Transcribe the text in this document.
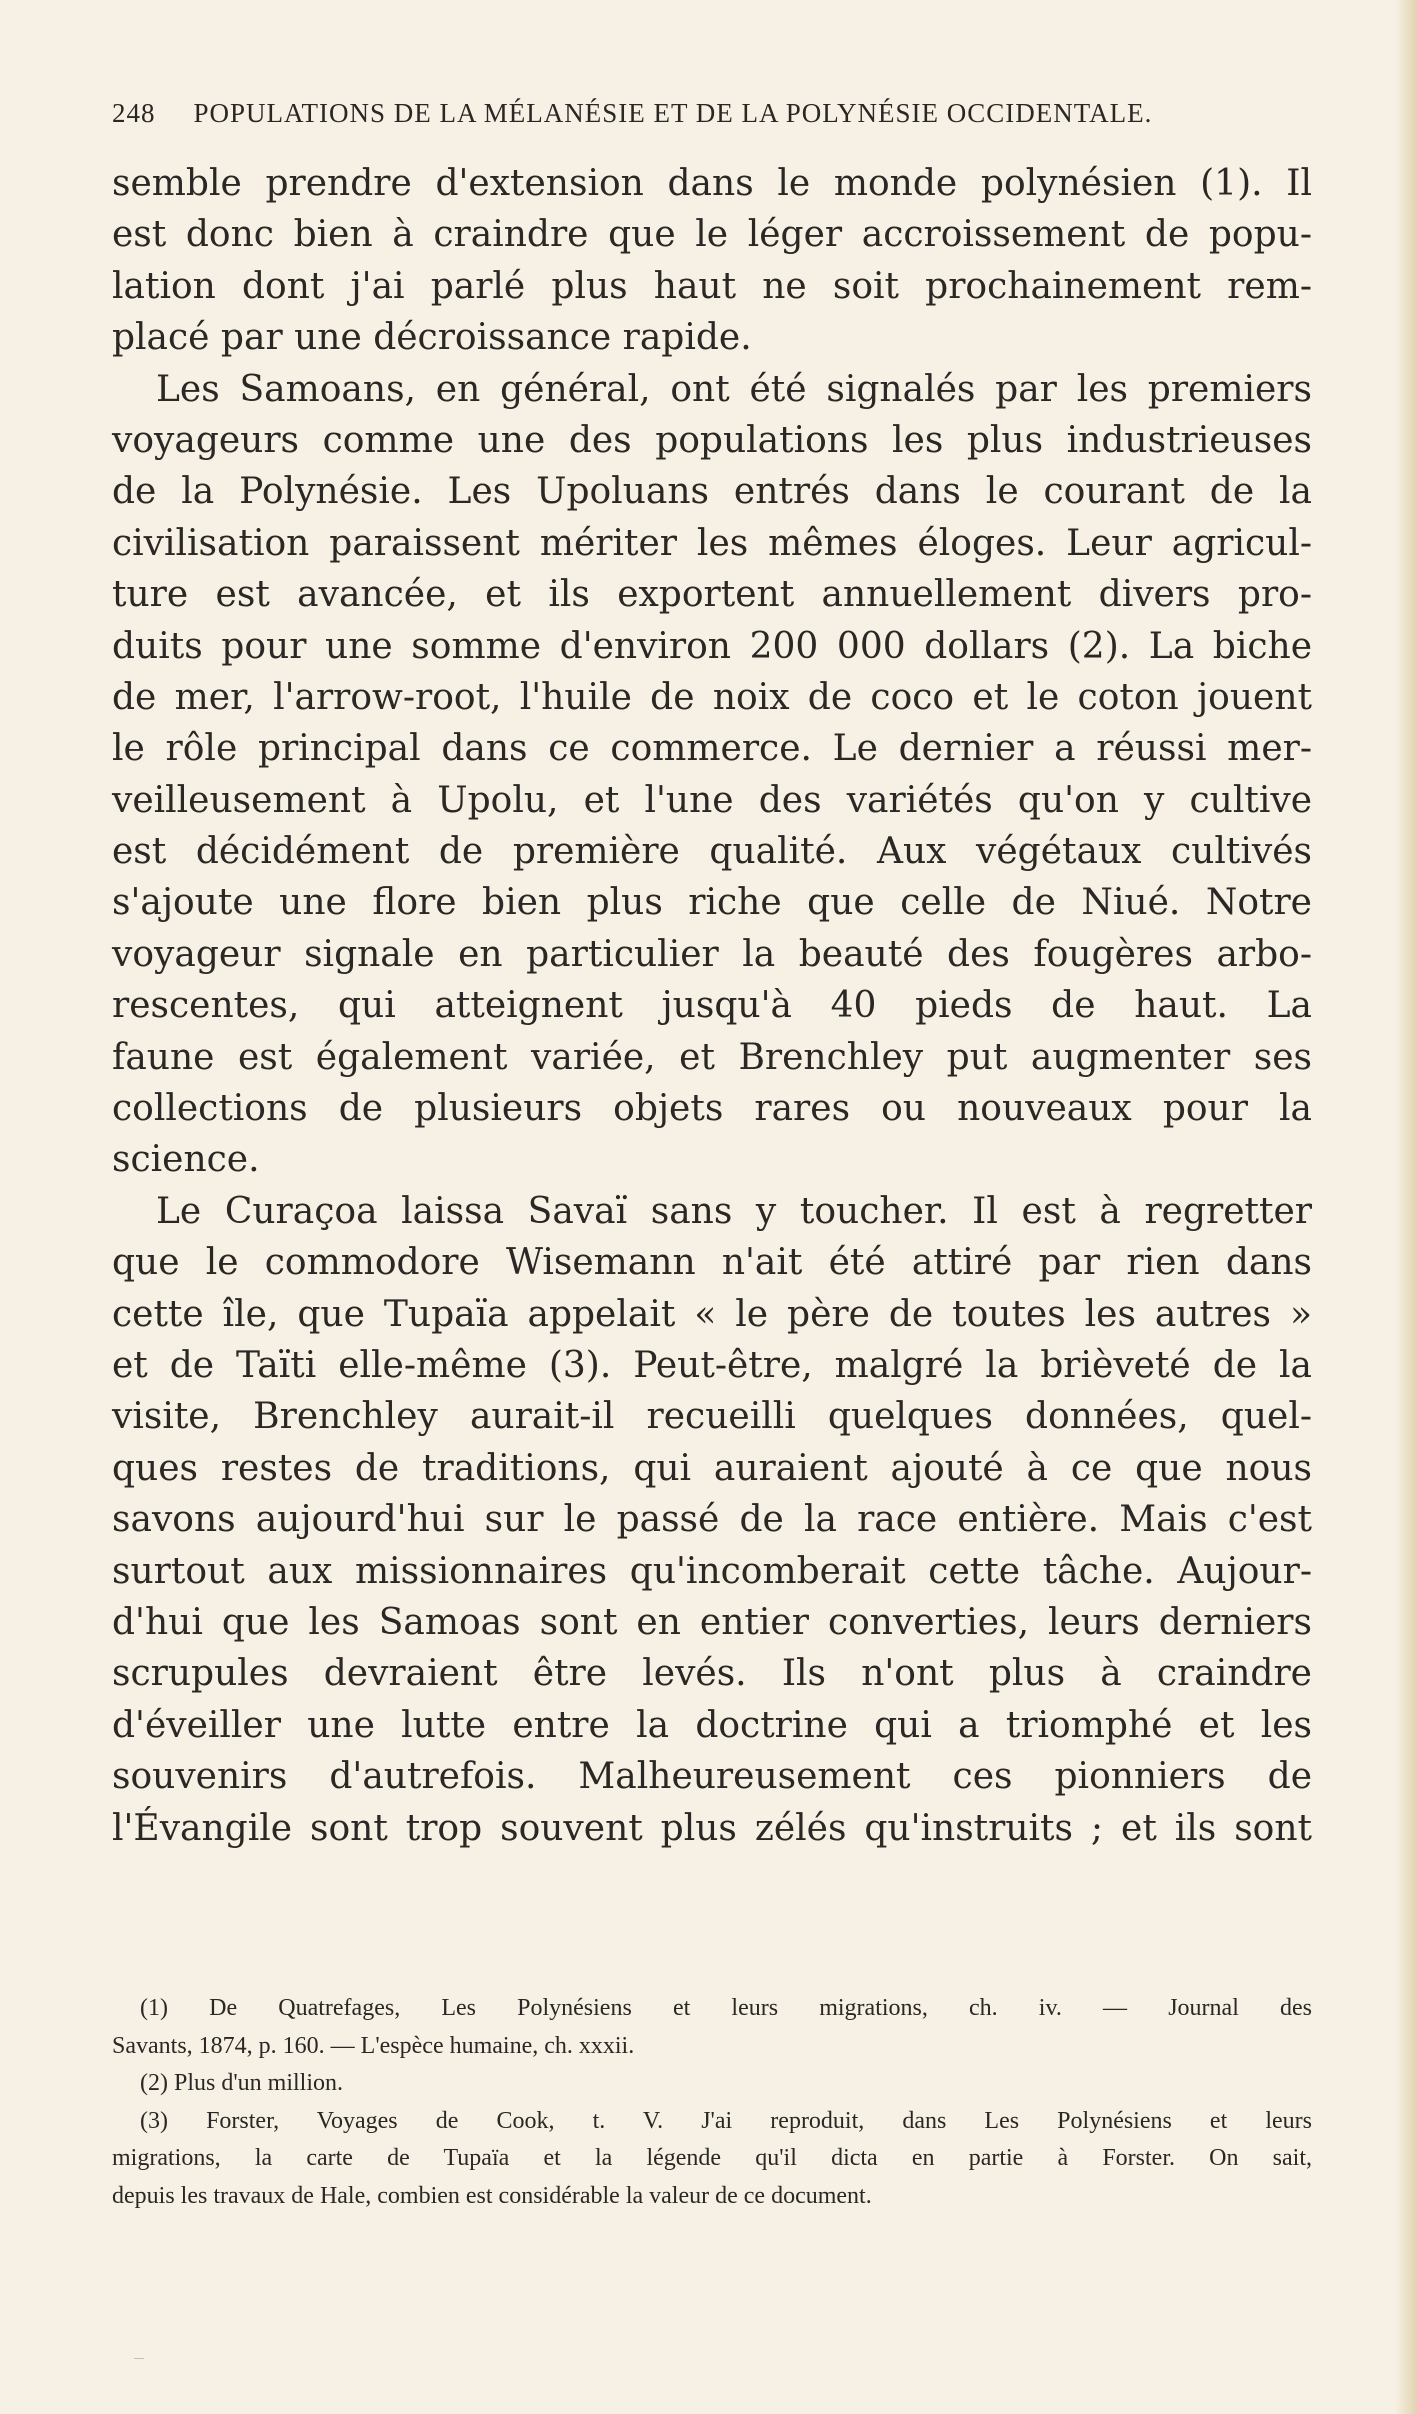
248 POPULATIONS DE LA MÉLANÉSIE ET DE LA POLYNÉSIE OCCIDENTALE.
semble prendre d'extension dans le monde polynésien (1). Il
est donc bien à craindre que le léger accroissement de popu-
lation dont j'ai parlé plus haut ne soit prochainement rem-
placé par une décroissance rapide.
Les Samoans, en général, ont été signalés par les premiers
voyageurs comme une des populations les plus industrieuses
de la Polynésie. Les Upoluans entrés dans le courant de la
civilisation paraissent mériter les mêmes éloges. Leur agricul-
ture est avancée, et ils exportent annuellement divers pro-
duits pour une somme d'environ 200 000 dollars (2). La biche
de mer, l'arrow-root, l'huile de noix de coco et le coton jouent
le rôle principal dans ce commerce. Le dernier a réussi mer-
veilleusement à Upolu, et l'une des variétés qu'on y cultive
est décidément de première qualité. Aux végétaux cultivés
s'ajoute une flore bien plus riche que celle de Niué. Notre
voyageur signale en particulier la beauté des fougères arbo-
rescentes, qui atteignent jusqu'à 40 pieds de haut. La
faune est également variée, et Brenchley put augmenter ses
collections de plusieurs objets rares ou nouveaux pour la
science.
Le Curaçoa laissa Savaï sans y toucher. Il est à regretter
que le commodore Wisemann n'ait été attiré par rien dans
cette île, que Tupaïa appelait « le père de toutes les autres »
et de Taïti elle-même (3). Peut-être, malgré la brièveté de la
visite, Brenchley aurait-il recueilli quelques données, quel-
ques restes de traditions, qui auraient ajouté à ce que nous
savons aujourd'hui sur le passé de la race entière. Mais c'est
surtout aux missionnaires qu'incomberait cette tâche. Aujour-
d'hui que les Samoas sont en entier converties, leurs derniers
scrupules devraient être levés. Ils n'ont plus à craindre
d'éveiller une lutte entre la doctrine qui a triomphé et les
souvenirs d'autrefois. Malheureusement ces pionniers de
l'Évangile sont trop souvent plus zélés qu'instruits ; et ils sont
(1) De Quatrefages, Les Polynésiens et leurs migrations, ch. iv. — Journal des
Savants, 1874, p. 160. — L'espèce humaine, ch. xxxii.
(2) Plus d'un million.
(3) Forster, Voyages de Cook, t. V. J'ai reproduit, dans Les Polynésiens et leurs
migrations, la carte de Tupaïa et la légende qu'il dicta en partie à Forster. On sait,
depuis les travaux de Hale, combien est considérable la valeur de ce document.
